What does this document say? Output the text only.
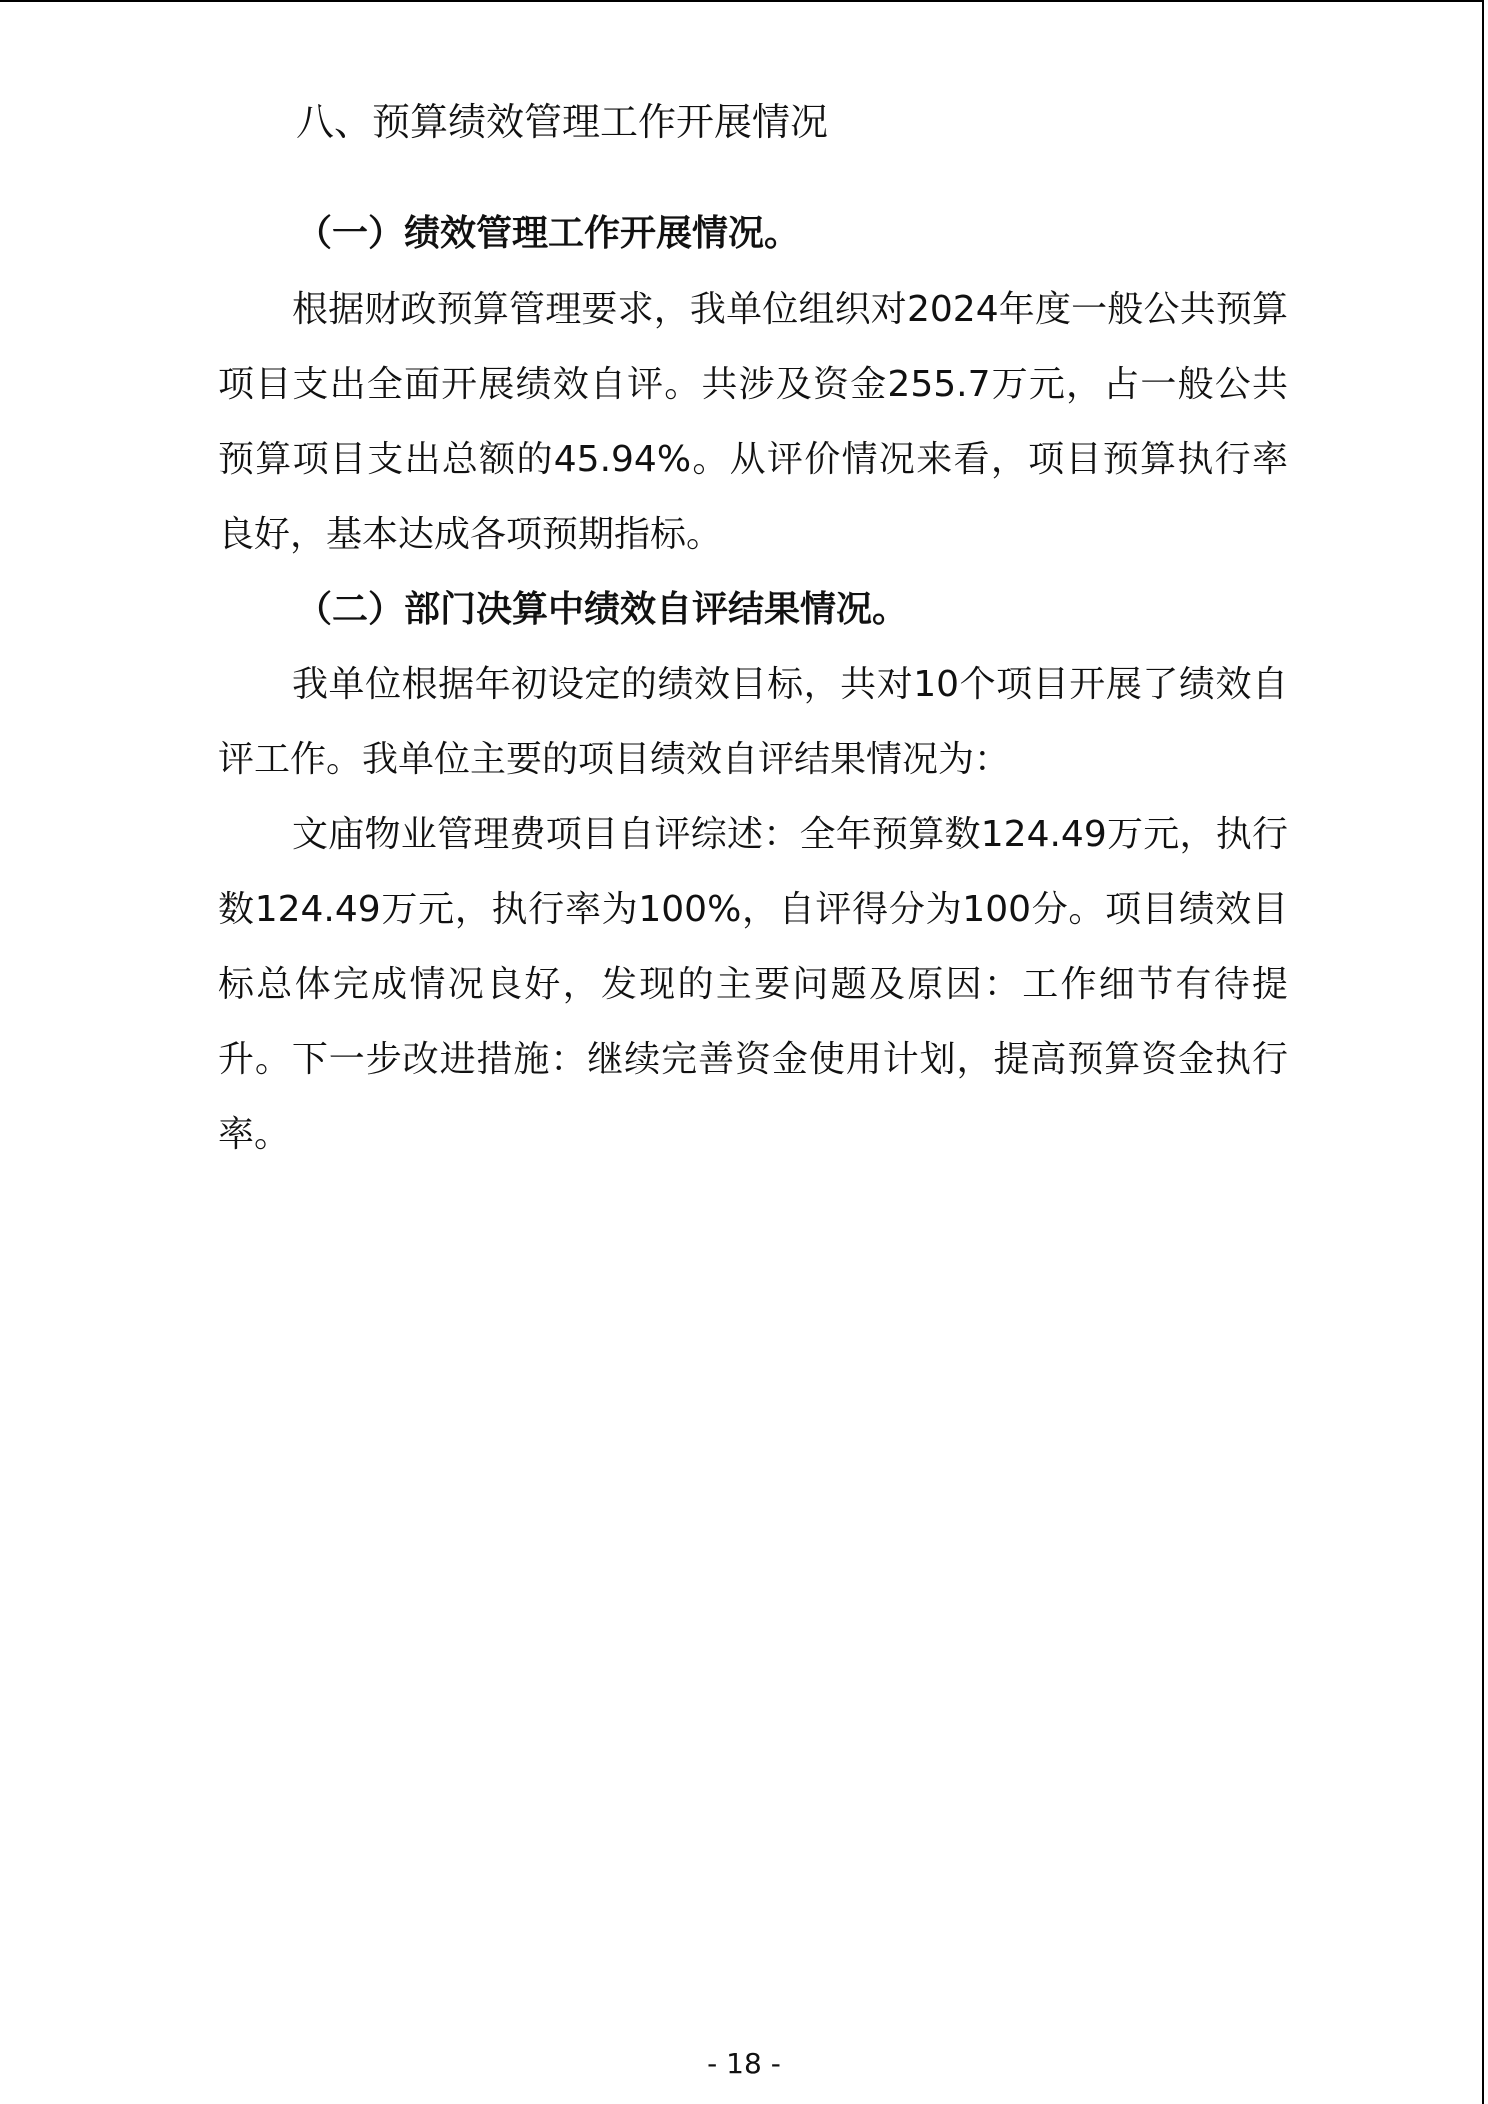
八、预算绩效管理工作开展情况
（一）绩效管理工作开展情况。

根据财政预算管理要求，我单位组织对2024年度一般公共预算项目支出全面开展绩效自评。共涉及资金255.7万元，占一般公共预算项目支出总额的45.94%。从评价情况来看，项目预算执行率良好，基本达成各项预期指标。

（二）部门决算中绩效自评结果情况。

我单位根据年初设定的绩效目标，共对10个项目开展了绩效自评工作。我单位主要的项目绩效自评结果情况为：

文庙物业管理费项目自评综述：全年预算数124.49万元，执行数124.49万元，执行率为100%，自评得分为100分。项目绩效目标总体完成情况良好，发现的主要问题及原因：工作细节有待提升。下一步改进措施：继续完善资金使用计划，提高预算资金执行率。

- 18 -
